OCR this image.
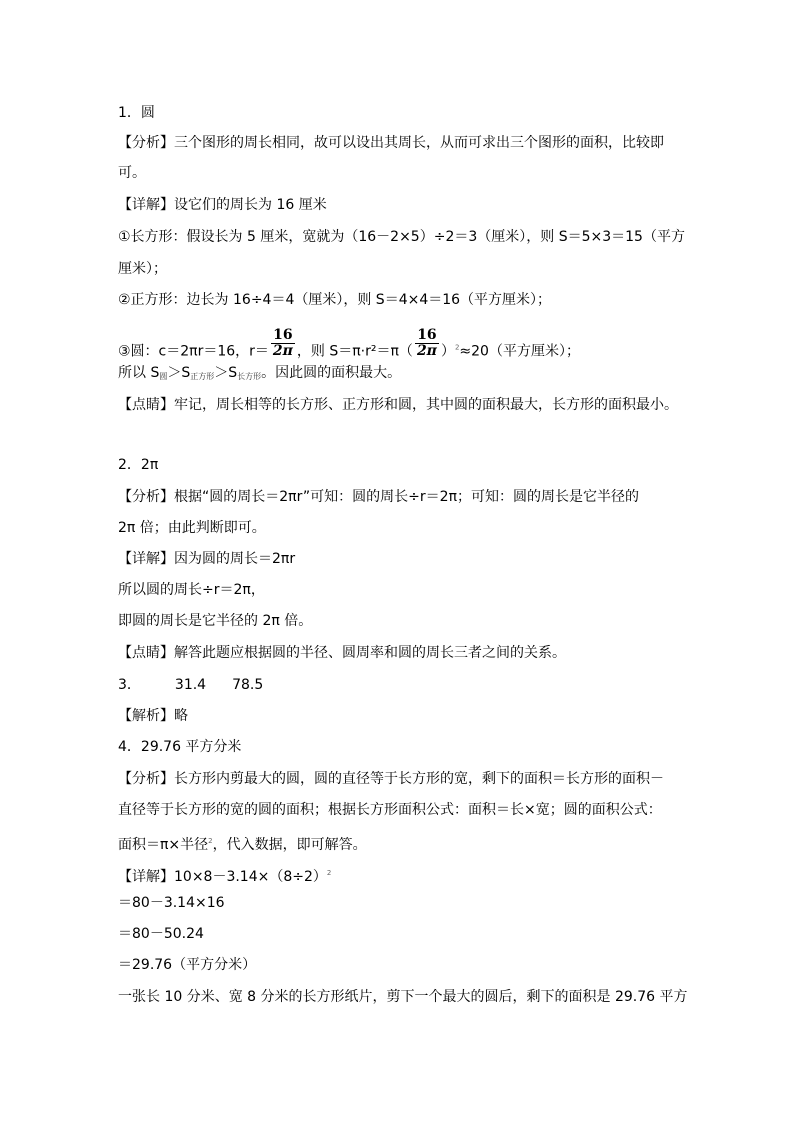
1．圆
【分析】三个图形的周长相同，故可以设出其周长，从而可求出三个图形的面积，比较即
可。
【详解】设它们的周长为 16 厘米
①长方形：假设长为 5 厘米，宽就为（16－2×5）÷2＝3（厘米），则 S＝5×3＝15（平方
厘米）；
②正方形：边长为 16÷4＝4（厘米），则 S＝4×4＝16（平方厘米）；
③圆：c＝2πr＝16，$r= \frac{16}{2\pi}$ ，则 $S=\pi\cdot r^2=\pi( \frac{16}{2\pi} )^2\approx 20$（平方厘米）；
所以 $S_圆>S_{正方形}>S_{长方形}$。因此圆的面积最大。
【点睛】牢记，周长相等的长方形、正方形和圆，其中圆的面积最大，长方形的面积最小。
2．2π
【分析】根据“圆的周长＝2πr”可知：圆的周长÷r＝2π；可知：圆的周长是它半径的
2π 倍；由此判断即可。
【详解】因为圆的周长＝2πr
所以圆的周长÷r＝2π，
即圆的周长是它半径的 2π 倍。
【点睛】解答此题应根据圆的半径、圆周率和圆的周长三者之间的关系。
3． 31.4 78.5
【解析】略
4．29.76 平方分米
【分析】长方形内剪最大的圆，圆的直径等于长方形的宽，剩下的面积＝长方形的面积－
直径等于长方形的宽的圆的面积；根据长方形面积公式：面积＝长×宽；圆的面积公式：
面积＝π×半径$^2$，代入数据，即可解答。
【详解】$10\times 8-3.14\times(8\div 2)^2$
＝80－3.14×16
＝80－50.24
＝29.76（平方分米）
一张长 10 分米、宽 8 分米的长方形纸片，剪下一个最大的圆后，剩下的面积是 29.76 平方
